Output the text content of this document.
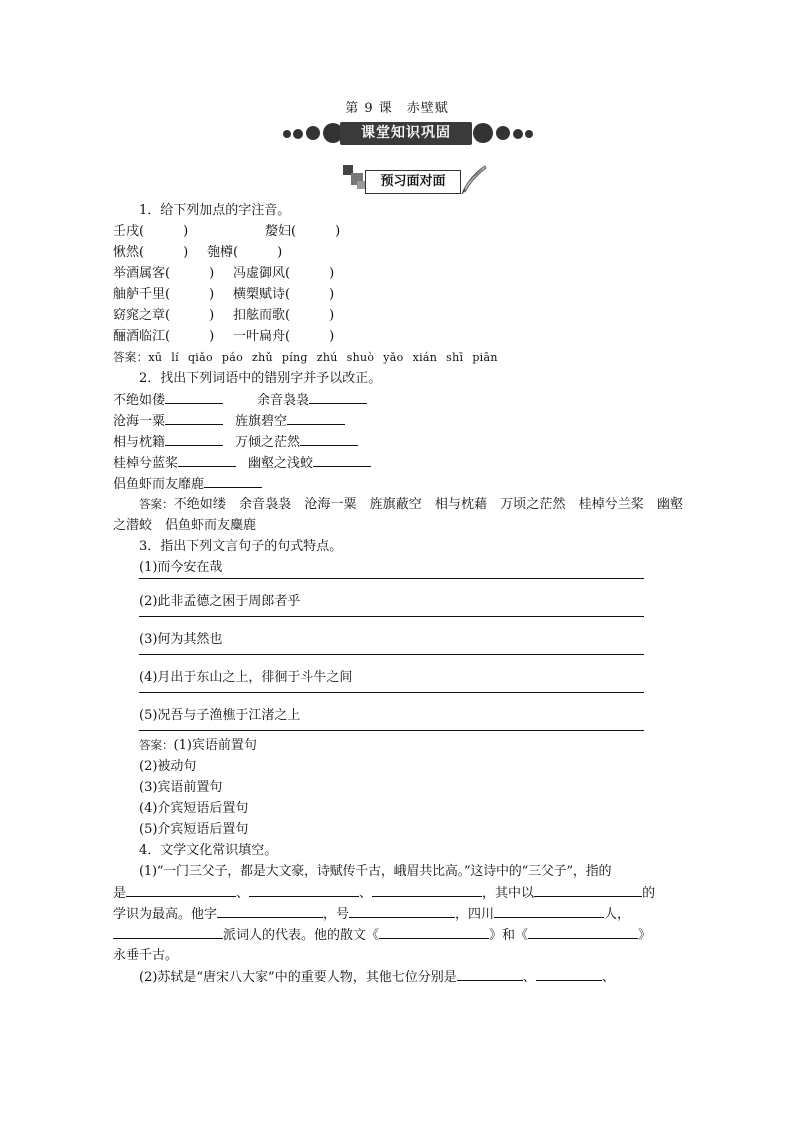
第 9 课　赤壁赋
课堂知识巩固
预习面对面
1．给下列加点的字注音。
壬戌(　　　)	嫠妇(　　　)
愀然(　　　) 匏樽(　　　)
举酒属客(　　　) 冯虚御风(　　　)
舳舻千里(　　　) 横槊赋诗(　　　)
窈窕之章(　　　) 扣舷而歌(　　　)
酾酒临江(　　　) 一叶扁舟(　　　)
答案：xū lí qiǎo páo zhǔ píng zhú shuò yǎo xián shī piān
2．找出下列词语中的错别字并予以改正。
不绝如偻	余音袅袅
沧海一粟	旌旗碧空
相与枕籍	万倾之茫然
桂棹兮蓝桨	幽壑之浅蛟
侣鱼虾而友靡鹿
答案：不绝如缕　余音袅袅　沧海一粟　旌旗蔽空　相与枕藉　万顷之茫然　桂棹兮兰桨　幽壑之潜蛟　侣鱼虾而友麋鹿
3．指出下列文言句子的句式特点。
(1)而今安在哉
(2)此非孟德之困于周郎者乎
(3)何为其然也
(4)月出于东山之上，徘徊于斗牛之间
(5)况吾与子渔樵于江渚之上
答案：(1)宾语前置句
(2)被动句
(3)宾语前置句
(4)介宾短语后置句
(5)介宾短语后置句
4．文学文化常识填空。
(1)“一门三父子，都是大文豪，诗赋传千古，峨眉共比高。”这诗中的“三父子”，指的
是	、	、	，其中以	的
学识为最高。他字	，号	，四川	人，
派词人的代表。他的散文《	》和《	》
永垂千古。
(2)苏轼是“唐宋八大家”中的重要人物，其他七位分别是	、	、
